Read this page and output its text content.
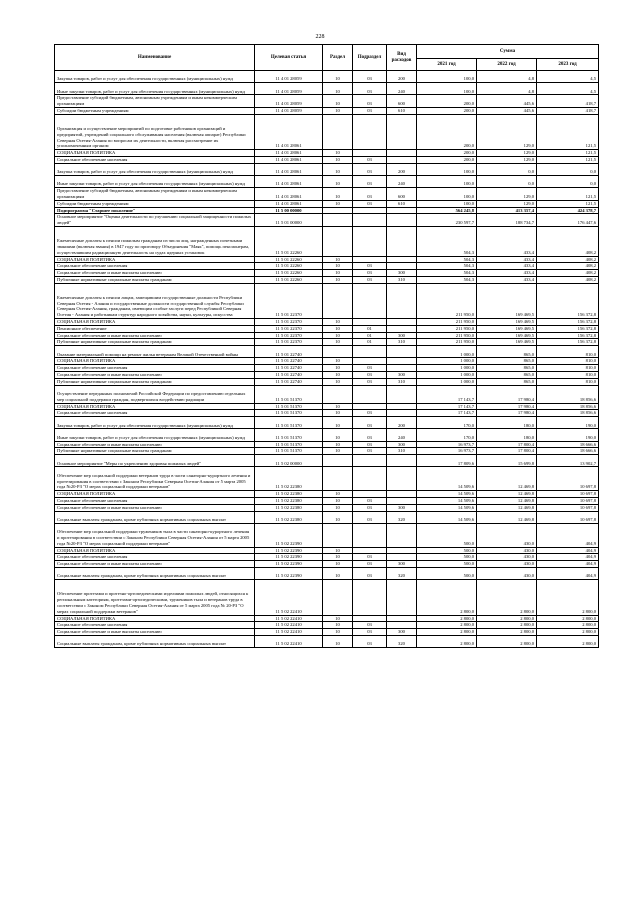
228
Наименование	Целевая статья	Раздел	Подраздел	Вид расходов	Сумма		
					2021 год	2022 год	2023 год
Закупка товаров, работ и услуг для обеспечения государственных (муниципальных) нужд	11 4 01 28059	10	03	200	100,0	4,8	4,5
Иные закупки товаров, работ и услуг для обеспечения государственных (муниципальных) нужд	11 4 01 28059	10	03	240	100,0	4,8	4,5
Предоставление субсидий бюджетным, автономным учреждениям и иным некоммерческим организациям	11 4 01 28059	10	03	600	200,0	445,6	418,7
Субсидии бюджетным учреждениям	11 4 01 28059	10	03	610	200,0	445,6	418,7
Организация и осуществление мероприятий по подготовке работников организаций и предприятий, учреждений социального обслуживания населения (включая аппарат) Республики Северная Осетия-Алания по вопросам их деятельности, включая рассмотрение их уполномоченным органом	11 4 01 28061				200,0	129,0	121,5
СОЦИАЛЬНАЯ ПОЛИТИКА	11 4 01 28061	10			200,0	129,0	121,5
Социальное обеспечение населения	11 4 01 28061	10	03		200,0	129,0	121,5
Закупка товаров, работ и услуг для обеспечения государственных (муниципальных) нужд	11 4 01 28061	10	03	200	100,0	0,0	0,0
Иные закупки товаров, работ и услуг для обеспечения государственных (муниципальных) нужд	11 4 01 28061	10	03	240	100,0	0,0	0,0
Предоставление субсидий бюджетным, автономным учреждениям и иным некоммерческим организациям	11 4 01 28061	10	03	600	100,0	129,0	121,5
Субсидии бюджетным учреждениям	11 4 01 28061	10	03	610	100,0	129,0	121,5
Подпрограмма "Старшее поколение"	11 5 00 00000				564 245,8	413 357,4	424 378,7
Основное мероприятие "Оценка деятельности по улучшению социальной защищенности пожилых людей"	11 5 01 00000				230 597,7	188 734,7	176 447,6
Ежемесячные доплаты к пенсии пожилым гражданам из числа лиц, награжденных почетными званиями (включая звания) в 1947 году по приговору Объединения "Маяк", помощь пенсионерам, осуществлявшим радиационную деятельность на судах ядерных установок	11 5 01 22260				504,3	433,4	408,2
СОЦИАЛЬНАЯ ПОЛИТИКА	11 5 01 22260	10			504,3	433,4	408,2
Социальное обеспечение населения	11 5 01 22260	10	03		504,3	433,4	408,2
Социальное обеспечение и иные выплаты населению	11 5 01 22260	10	03	300	504,3	433,4	408,2
Публичные нормативные социальные выплаты гражданам	11 5 01 22260	10	03	310	504,3	433,4	408,2
Ежемесячные доплаты к пенсии лицам, замещавшим государственные должности Республики Северная Осетия - Алания и государственные должности государственной службы Республики Северная Осетия-Алания, гражданам, имеющим особые заслуги перед Республикой Северная Осетия - Алания и работникам структур народного хозяйства, науки, культуры, искусства	11 5 01 22370				211 950,0	169 469,5	156 372,8
СОЦИАЛЬНАЯ ПОЛИТИКА	11 5 01 22370	10			211 950,0	169 469,5	156 372,8
Пенсионное обеспечение	11 5 01 22370	10	01		211 950,0	169 469,5	156 372,8
Социальное обеспечение и иные выплаты населению	11 5 01 22370	10	01	300	211 950,0	169 469,5	156 372,8
Публичные нормативные социальные выплаты гражданам	11 5 01 22370	10	01	310	211 950,0	169 469,5	156 372,8
Оказание материальной помощи на ремонт жилья ветеранам Великой Отечественной войны	11 5 01 22740				1 000,0	865,0	810,0
СОЦИАЛЬНАЯ ПОЛИТИКА	11 5 01 22740	10			1 000,0	865,0	810,0
Социальное обеспечение населения	11 5 01 22740	10	03		1 000,0	865,0	810,0
Социальное обеспечение и иные выплаты населению	11 5 01 22740	10	03	300	1 000,0	865,0	810,0
Публичные нормативные социальные выплаты гражданам	11 5 01 22740	10	03	310	1 000,0	865,0	810,0
Осуществление переданных полномочий Российской Федерации по предоставлению отдельных мер социальной поддержки граждан, подвергшихся воздействию радиации	11 5 01 51370				17 143,7	17 980,4	18 856,6
СОЦИАЛЬНАЯ ПОЛИТИКА	11 5 01 51370	10			17 143,7	17 980,4	18 856,6
Социальное обеспечение населения	11 5 01 51370	10	03		17 143,7	17 980,4	18 856,6
Закупка товаров, работ и услуг для обеспечения государственных (муниципальных) нужд	11 5 01 51370	10	03	200	170,0	180,0	190,0
Иные закупки товаров, работ и услуг для обеспечения государственных (муниципальных) нужд	11 5 01 51370	10	03	240	170,0	180,0	190,0
Социальное обеспечение и иные выплаты населению	11 5 01 51370	10	03	300	16 973,7	17 800,4	18 666,6
Публичные нормативные социальные выплаты гражданам	11 5 01 51370	10	03	310	16 973,7	17 800,4	18 666,6
Основное мероприятие "Меры по укреплению здоровья пожилых людей"	11 5 02 00000				17 809,6	15 699,8	13 902,7
Обеспечение мер социальной поддержки ветеранов труда в части санаторно-курортного лечения и протезирования в соответствии с Законом Республики Северная Осетия-Алания от 5 марта 2005 года №20-РЗ "О мерах социальной поддержки ветеранов"	11 5 02 22380				14 509,6	12 469,8	10 697,8
СОЦИАЛЬНАЯ ПОЛИТИКА	11 5 02 22380	10			14 509,6	12 469,8	10 697,8
Социальное обеспечение населения	11 5 02 22380	10	03		14 509,6	12 469,8	10 697,8
Социальное обеспечение и иные выплаты населению	11 5 02 22380	10	03	300	14 509,6	12 469,8	10 697,8
Социальные выплаты гражданам, кроме публичных нормативных социальных выплат	11 5 02 22380	10	03	320	14 509,6	12 469,8	10 697,8
Обеспечение мер социальной поддержки тружеников тыла в части санаторно-курортного лечения и протезирования в соответствии с Законом Республики Северная Осетия-Алания от 5 марта 2005 года №20-РЗ "О мерах социальной поддержки ветеранов"	11 5 02 22390				500,0	430,0	404,9
СОЦИАЛЬНАЯ ПОЛИТИКА	11 5 02 22390	10			500,0	430,0	404,9
Социальное обеспечение населения	11 5 02 22390	10	03		500,0	430,0	404,9
Социальное обеспечение и иные выплаты населению	11 5 02 22390	10	03	300	500,0	430,0	404,9
Социальные выплаты гражданам, кроме публичных нормативных социальных выплат	11 5 02 22390	10	03	320	500,0	430,0	404,9
Обеспечение протезами и протезно-ортопедическими изделиями пожилых людей, относящихся к региональным категориям, протезами-ортопедическими, тружеников тыла и ветеранов труда в соответствии с Законом Республики Северная Осетия-Алания от 5 марта 2005 года № 20-РЗ "О мерах социальной поддержки ветеранов"	11 5 02 22410				2 800,0	2 800,0	2 800,0
СОЦИАЛЬНАЯ ПОЛИТИКА	11 5 02 22410	10			2 800,0	2 800,0	2 800,0
Социальное обеспечение населения	11 5 02 22410	10	03		2 800,0	2 800,0	2 800,0
Социальное обеспечение и иные выплаты населению	11 5 02 22410	10	03	300	2 800,0	2 800,0	2 800,0
Социальные выплаты гражданам, кроме публичных нормативных социальных выплат	11 5 02 22410	10	03	320	2 800,0	2 800,0	2 800,0
